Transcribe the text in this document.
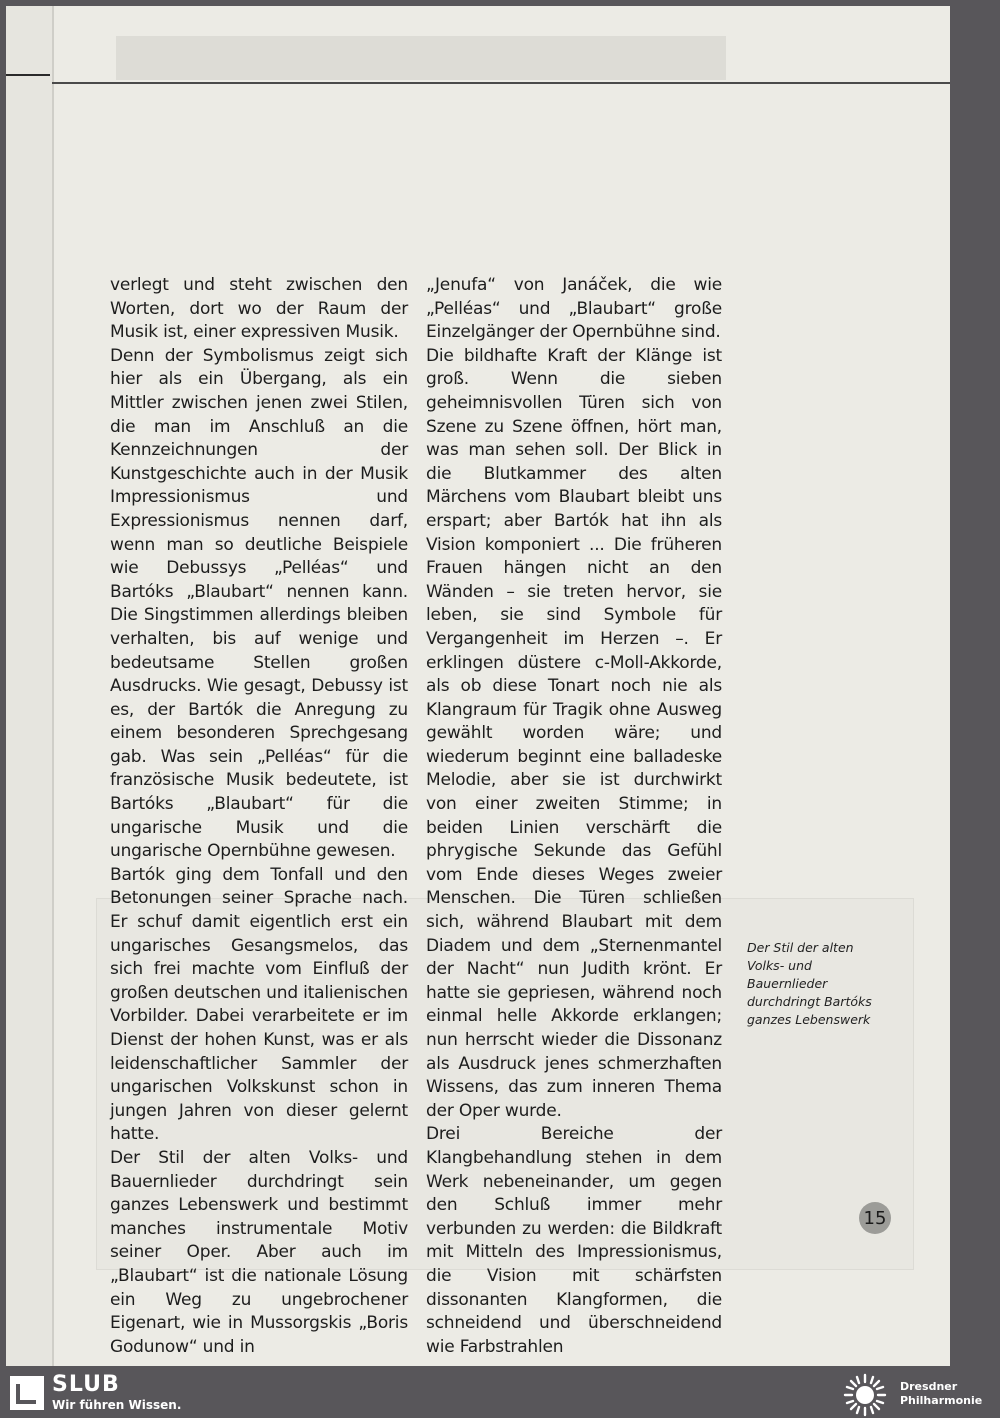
verlegt und steht zwischen den Worten, dort wo der Raum der Musik ist, einer expressiven Musik.

Denn der Symbolismus zeigt sich hier als ein Übergang, als ein Mittler zwischen jenen zwei Stilen, die man im Anschluß an die Kennzeichnungen der Kunstgeschichte auch in der Musik Impressionismus und Expressionismus nennen darf, wenn man so deutliche Beispiele wie Debussys „Pelléas“ und Bartóks „Blaubart“ nennen kann. Die Singstimmen allerdings bleiben verhalten, bis auf wenige und bedeutsame Stellen großen Ausdrucks. Wie gesagt, Debussy ist es, der Bartók die Anregung zu einem besonderen Sprechgesang gab. Was sein „Pelléas“ für die französische Musik bedeutete, ist Bartóks „Blaubart“ für die ungarische Musik und die ungarische Opernbühne gewesen.

Bartók ging dem Tonfall und den Betonungen seiner Sprache nach. Er schuf damit eigentlich erst ein ungarisches Gesangsmelos, das sich frei machte vom Einfluß der großen deutschen und italienischen Vorbilder. Dabei verarbeitete er im Dienst der hohen Kunst, was er als leidenschaftlicher Sammler der ungarischen Volkskunst schon in jungen Jahren von dieser gelernt hatte.

Der Stil der alten Volks- und Bauernlieder durchdringt sein ganzes Lebenswerk und bestimmt manches instrumentale Motiv seiner Oper. Aber auch im „Blaubart“ ist die nationale Lösung ein Weg zu ungebrochener Eigenart, wie in Mussorgskis „Boris Godunow“ und in

„Jenufa“ von Janáček, die wie „Pelléas“ und „Blaubart“ große Einzelgänger der Opernbühne sind.

Die bildhafte Kraft der Klänge ist groß. Wenn die sieben geheimnisvollen Türen sich von Szene zu Szene öffnen, hört man, was man sehen soll. Der Blick in die Blutkammer des alten Märchens vom Blaubart bleibt uns erspart; aber Bartók hat ihn als Vision komponiert ... Die früheren Frauen hängen nicht an den Wänden – sie treten hervor, sie leben, sie sind Symbole für Vergangenheit im Herzen –. Er erklingen düstere c-Moll-Akkorde, als ob diese Tonart noch nie als Klangraum für Tragik ohne Ausweg gewählt worden wäre; und wiederum beginnt eine balladeske Melodie, aber sie ist durchwirkt von einer zweiten Stimme; in beiden Linien verschärft die phrygische Sekunde das Gefühl vom Ende dieses Weges zweier Menschen. Die Türen schließen sich, während Blaubart mit dem Diadem und dem „Sternenmantel der Nacht“ nun Judith krönt. Er hatte sie gepriesen, während noch einmal helle Akkorde erklangen; nun herrscht wieder die Dissonanz als Ausdruck jenes schmerzhaften Wissens, das zum inneren Thema der Oper wurde.

Drei Bereiche der Klangbehandlung stehen in dem Werk nebeneinander, um gegen den Schluß immer mehr verbunden zu werden: die Bildkraft mit Mitteln des Impressionismus, die Vision mit schärfsten dissonanten Klangformen, die schneidend und überschneidend wie Farbstrahlen

Der Stil der alten Volks- und Bauernlieder durchdringt Bartóks ganzes Lebenswerk
15
SLUB
Wir führen Wissen.
Dresdner
Philharmonie
